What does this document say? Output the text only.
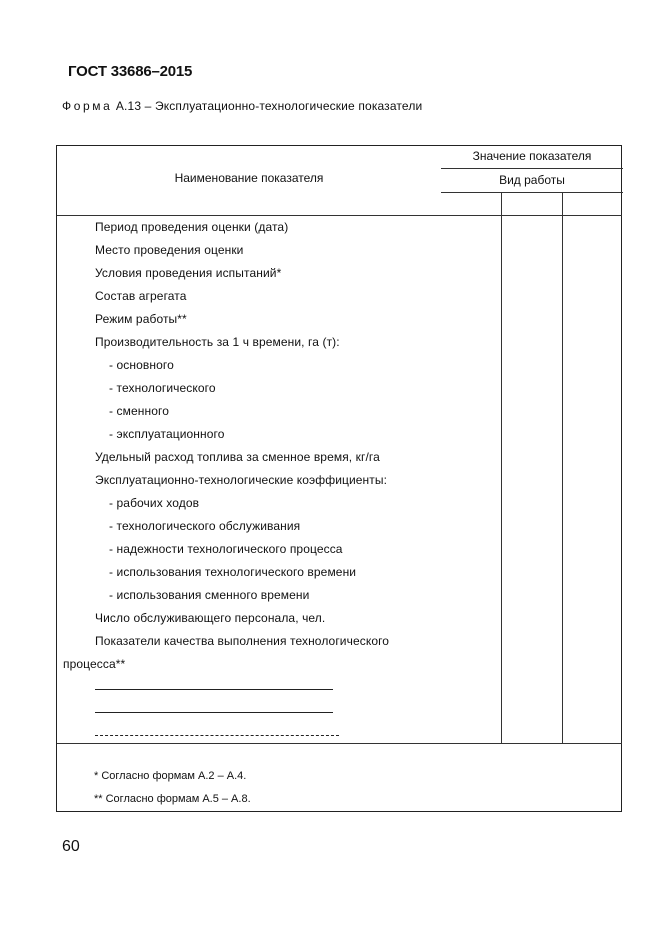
ГОСТ 33686–2015
Форма А.13 – Эксплуатационно-технологические показатели
Наименование показателя
Значение показателя
Вид работы
Период проведения оценки (дата)
Место проведения оценки
Условия проведения испытаний*
Состав агрегата
Режим работы**
Производительность за 1 ч времени, га (т):
- основного
- технологического
- сменного
- эксплуатационного
Удельный расход топлива за сменное время, кг/га
Эксплуатационно-технологические коэффициенты:
- рабочих ходов
- технологического обслуживания
- надежности технологического процесса
- использования технологического времени
- использования сменного времени
Число обслуживающего персонала, чел.
Показатели качества выполнения технологического
процесса**
* Согласно формам А.2 – А.4.
** Согласно формам А.5 – А.8.
60
